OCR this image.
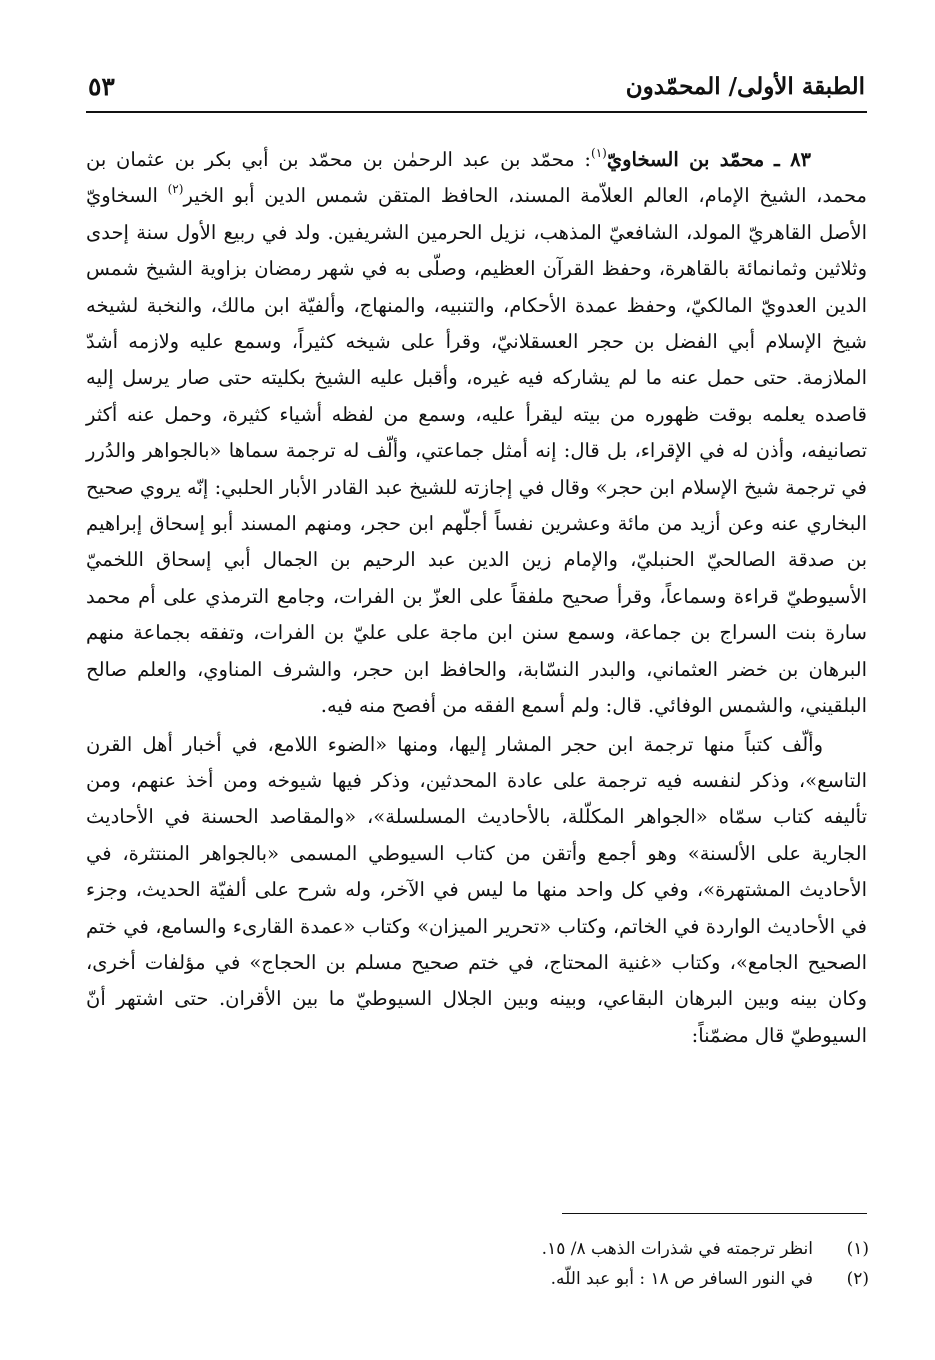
الطبقة الأولى/ المحمّدون
٥٣

٨٣ ـ محمّد بن السخاويّ$^{(١)}$: محمّد بن عبد الرحمٰن بن محمّد بن أبي بكر بن عثمان بن محمد، الشيخ الإمام، العالم العلاّمة المسند، الحافظ المتقن شمس الدين أبو الخير$^{(٢)}$ السخاويّ الأصل القاهريّ المولد، الشافعيّ المذهب، نزيل الحرمين الشريفين. ولد في ربيع الأول سنة إحدى وثلاثين وثمانمائة بالقاهرة، وحفظ القرآن العظيم، وصلّى به في شهر رمضان بزاوية الشيخ شمس الدين العدويّ المالكيّ، وحفظ عمدة الأحكام، والتنبيه، والمنهاج، وألفيّة ابن مالك، والنخبة لشيخه شيخ الإسلام أبي الفضل بن حجر العسقلانيّ، وقرأ على شيخه كثيراً، وسمع عليه ولازمه أشدّ الملازمة. حتى حمل عنه ما لم يشاركه فيه غيره، وأقبل عليه الشيخ بكليته حتى صار يرسل إليه قاصده يعلمه بوقت ظهوره من بيته ليقرأ عليه، وسمع من لفظه أشياء كثيرة، وحمل عنه أكثر تصانيفه، وأذن له في الإقراء، بل قال: إنه أمثل جماعتي، وألّف له ترجمة سماها «بالجواهر والدُرر في ترجمة شيخ الإسلام ابن حجر» وقال في إجازته للشيخ عبد القادر الأبار الحلبي: إنّه يروي صحيح البخاري عنه وعن أزيد من مائة وعشرين نفساً أجلّهم ابن حجر، ومنهم المسند أبو إسحاق إبراهيم بن صدقة الصالحيّ الحنبليّ، والإمام زين الدين عبد الرحيم بن الجمال أبي إسحاق اللخميّ الأسيوطيّ قراءة وسماعاً، وقرأ صحيح ملفقاً على العزّ بن الفرات، وجامع الترمذي على أم محمد سارة بنت السراج بن جماعة، وسمع سنن ابن ماجة على عليّ بن الفرات، وتفقه بجماعة منهم البرهان بن خضر العثماني، والبدر النسّابة، والحافظ ابن حجر، والشرف المناوي، والعلم صالح البلقيني، والشمس الوفائي. قال: ولم أسمع الفقه من أفصح منه فيه.

وألّف كتباً منها ترجمة ابن حجر المشار إليها، ومنها «الضوء اللامع، في أخبار أهل القرن التاسع»، وذكر لنفسه فيه ترجمة على عادة المحدثين، وذكر فيها شيوخه ومن أخذ عنهم، ومن تأليفه كتاب سمّاه «الجواهر المكلّلة، بالأحاديث المسلسلة»، «والمقاصد الحسنة في الأحاديث الجارية على الألسنة» وهو أجمع وأتقن من كتاب السيوطي المسمى «بالجواهر المنتثرة، في الأحاديث المشتهرة»، وفي كل واحد منها ما ليس في الآخر، وله شرح على ألفيّة الحديث، وجزء في الأحاديث الواردة في الخاتم، وكتاب «تحرير الميزان» وكتاب «عمدة القارىء والسامع، في ختم الصحيح الجامع»، وكتاب «غنية المحتاج، في ختم صحيح مسلم بن الحجاج» في مؤلفات أخرى، وكان بينه وبين البرهان البقاعي، وبينه وبين الجلال السيوطيّ ما بين الأقران. حتى اشتهر أنّ السيوطيّ قال مضمّناً:

(١)
انظر ترجمته في شذرات الذهب ٨/ ١٥.
(٢)
في النور السافر ص ١٨ : أبو عبد اللّه.
